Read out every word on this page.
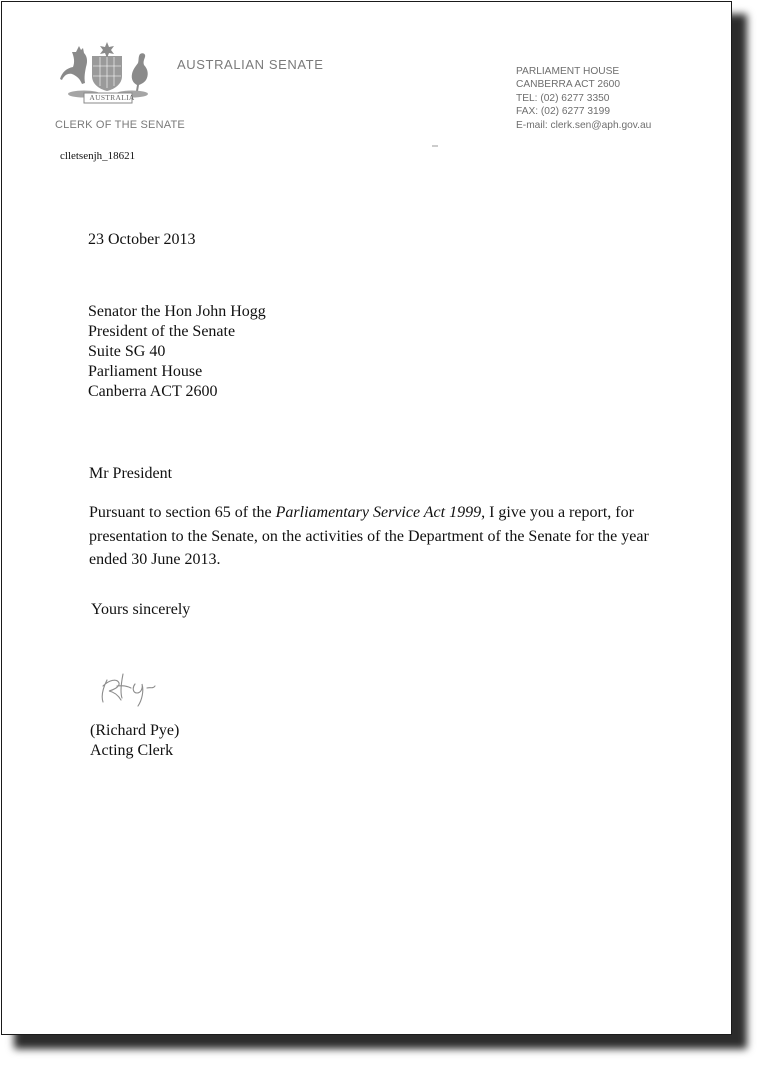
AUSTRALIA
AUSTRALIAN SENATE
CLERK OF THE SENATE
PARLIAMENT HOUSE
CANBERRA ACT 2600
TEL: (02) 6277 3350
FAX: (02) 6277 3199
E-mail: clerk.sen@aph.gov.au
clletsenjh_18621
23 October 2013
Senator the Hon John Hogg
President of the Senate
Suite SG 40
Parliament House
Canberra ACT 2600
Mr President
Pursuant to section 65 of the Parliamentary Service Act 1999, I give you a report, for presentation to the Senate, on the activities of the Department of the Senate for the year ended 30 June 2013.
Yours sincerely
(Richard Pye)
Acting Clerk
